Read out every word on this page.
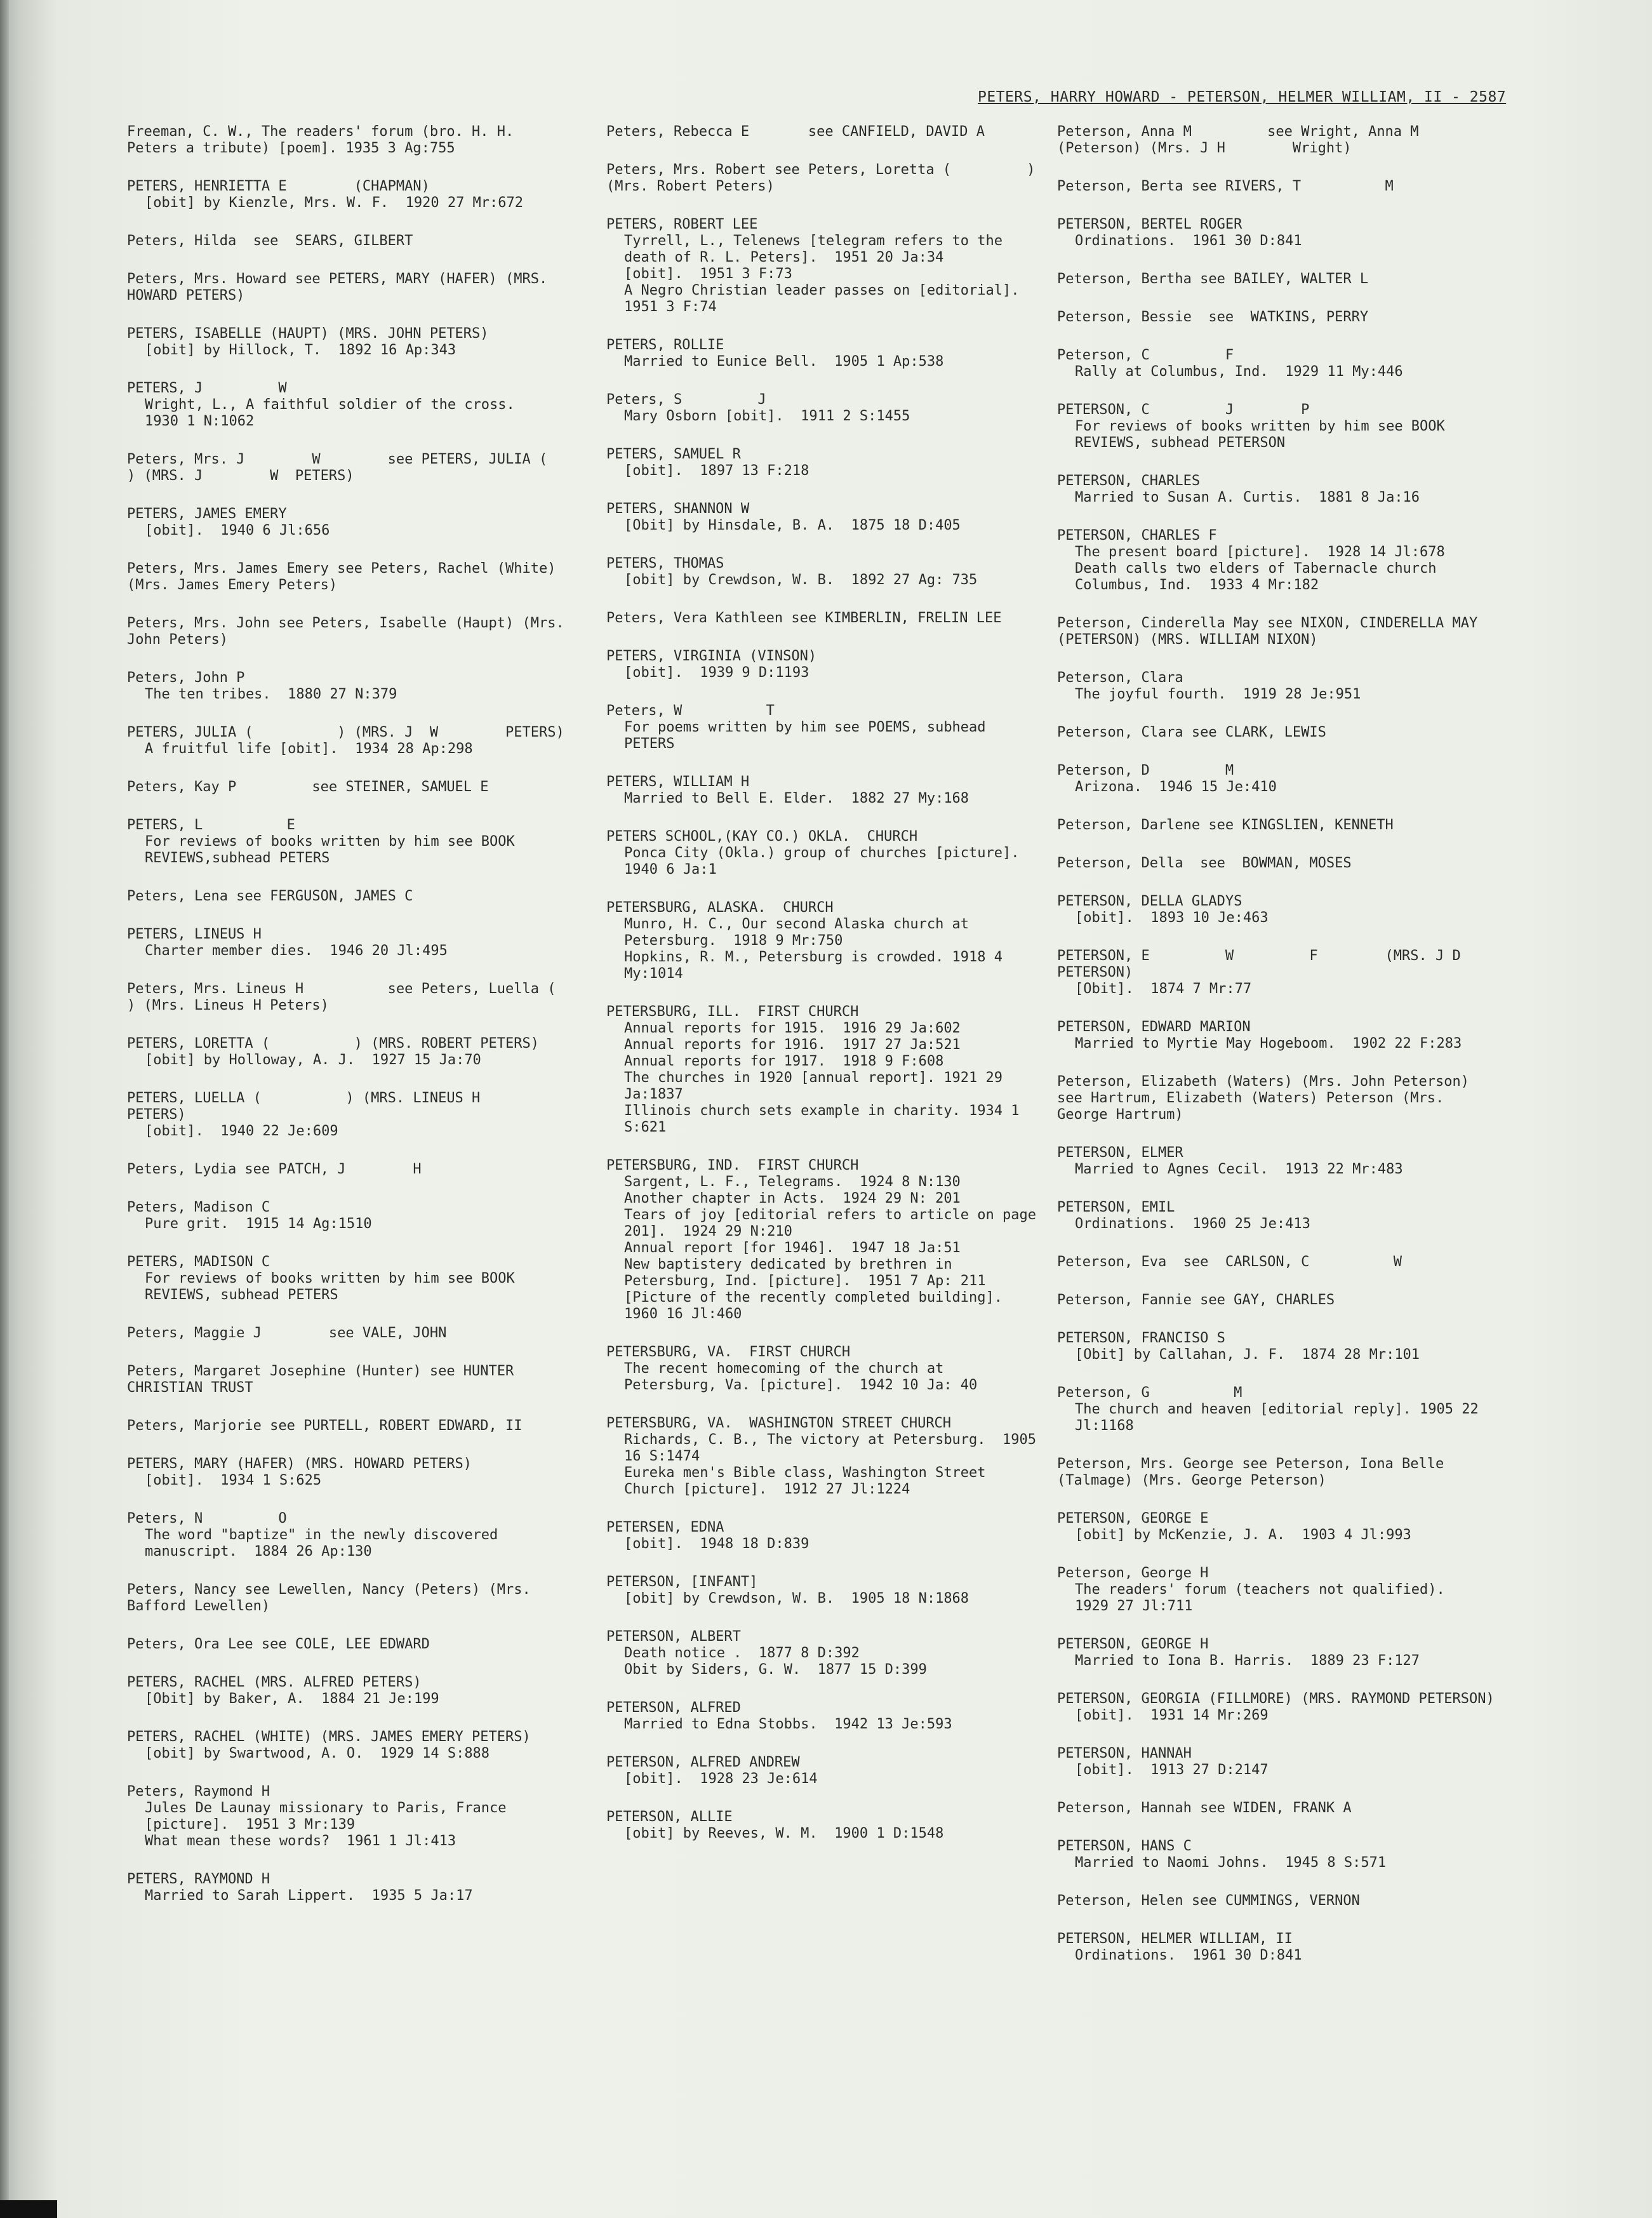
PETERS, HARRY HOWARD - PETERSON, HELMER WILLIAM, II - 2587
Freeman, C. W., The readers' forum (bro. H. H. Peters a tribute) [poem]. 1935 3 Ag:755
PETERS, HENRIETTA E        (CHAPMAN)
[obit] by Kienzle, Mrs. W. F.  1920 27 Mr:672
Peters, Hilda  see  SEARS, GILBERT
Peters, Mrs. Howard see PETERS, MARY (HAFER) (MRS. HOWARD PETERS)
PETERS, ISABELLE (HAUPT) (MRS. JOHN PETERS)
[obit] by Hillock, T.  1892 16 Ap:343
PETERS, J         W
Wright, L., A faithful soldier of the cross.  1930 1 N:1062
Peters, Mrs. J        W        see PETERS, JULIA (         ) (MRS. J        W  PETERS)
PETERS, JAMES EMERY
[obit].  1940 6 Jl:656
Peters, Mrs. James Emery see Peters, Rachel (White) (Mrs. James Emery Peters)
Peters, Mrs. John see Peters, Isabelle (Haupt) (Mrs. John Peters)
Peters, John P
The ten tribes.  1880 27 N:379
PETERS, JULIA (          ) (MRS. J  W        PETERS)
A fruitful life [obit].  1934 28 Ap:298
Peters, Kay P         see STEINER, SAMUEL E
PETERS, L          E
For reviews of books written by him see BOOK REVIEWS,subhead PETERS
Peters, Lena see FERGUSON, JAMES C
PETERS, LINEUS H
Charter member dies.  1946 20 Jl:495
Peters, Mrs. Lineus H          see Peters, Luella (         ) (Mrs. Lineus H Peters)
PETERS, LORETTA (          ) (MRS. ROBERT PETERS)
[obit] by Holloway, A. J.  1927 15 Ja:70
PETERS, LUELLA (          ) (MRS. LINEUS H        PETERS)
[obit].  1940 22 Je:609
Peters, Lydia see PATCH, J        H
Peters, Madison C
Pure grit.  1915 14 Ag:1510
PETERS, MADISON C
For reviews of books written by him see BOOK REVIEWS, subhead PETERS
Peters, Maggie J        see VALE, JOHN
Peters, Margaret Josephine (Hunter) see HUNTER CHRISTIAN TRUST
Peters, Marjorie see PURTELL, ROBERT EDWARD, II
PETERS, MARY (HAFER) (MRS. HOWARD PETERS)
[obit].  1934 1 S:625
Peters, N         O
The word "baptize" in the newly discovered manuscript.  1884 26 Ap:130
Peters, Nancy see Lewellen, Nancy (Peters) (Mrs. Bafford Lewellen)
Peters, Ora Lee see COLE, LEE EDWARD
PETERS, RACHEL (MRS. ALFRED PETERS)
[Obit] by Baker, A.  1884 21 Je:199
PETERS, RACHEL (WHITE) (MRS. JAMES EMERY PETERS)
[obit] by Swartwood, A. O.  1929 14 S:888
Peters, Raymond H
Jules De Launay missionary to Paris, France [picture].  1951 3 Mr:139
What mean these words?  1961 1 Jl:413
PETERS, RAYMOND H
Married to Sarah Lippert.  1935 5 Ja:17
Peters, Rebecca E       see CANFIELD, DAVID A
Peters, Mrs. Robert see Peters, Loretta (         ) (Mrs. Robert Peters)
PETERS, ROBERT LEE
Tyrrell, L., Telenews [telegram refers to the death of R. L. Peters].  1951 20 Ja:34
[obit].  1951 3 F:73
A Negro Christian leader passes on [editorial].  1951 3 F:74
PETERS, ROLLIE
Married to Eunice Bell.  1905 1 Ap:538
Peters, S         J
Mary Osborn [obit].  1911 2 S:1455
PETERS, SAMUEL R
[obit].  1897 13 F:218
PETERS, SHANNON W
[Obit] by Hinsdale, B. A.  1875 18 D:405
PETERS, THOMAS
[obit] by Crewdson, W. B.  1892 27 Ag: 735
Peters, Vera Kathleen see KIMBERLIN, FRELIN LEE
PETERS, VIRGINIA (VINSON)
[obit].  1939 9 D:1193
Peters, W          T
For poems written by him see POEMS, subhead PETERS
PETERS, WILLIAM H
Married to Bell E. Elder.  1882 27 My:168
PETERS SCHOOL,(KAY CO.) OKLA.  CHURCH
Ponca City (Okla.) group of churches [picture].  1940 6 Ja:1
PETERSBURG, ALASKA.  CHURCH
Munro, H. C., Our second Alaska church at Petersburg.  1918 9 Mr:750
Hopkins, R. M., Petersburg is crowded. 1918 4 My:1014
PETERSBURG, ILL.  FIRST CHURCH
Annual reports for 1915.  1916 29 Ja:602
Annual reports for 1916.  1917 27 Ja:521
Annual reports for 1917.  1918 9 F:608
The churches in 1920 [annual report]. 1921 29 Ja:1837
Illinois church sets example in charity. 1934 1 S:621
PETERSBURG, IND.  FIRST CHURCH
Sargent, L. F., Telegrams.  1924 8 N:130
Another chapter in Acts.  1924 29 N: 201
Tears of joy [editorial refers to article on page 201].  1924 29 N:210
Annual report [for 1946].  1947 18 Ja:51
New baptistery dedicated by brethren in Petersburg, Ind. [picture].  1951 7 Ap: 211
[Picture of the recently completed building].  1960 16 Jl:460
PETERSBURG, VA.  FIRST CHURCH
The recent homecoming of the church at Petersburg, Va. [picture].  1942 10 Ja: 40
PETERSBURG, VA.  WASHINGTON STREET CHURCH
Richards, C. B., The victory at Petersburg.  1905 16 S:1474
Eureka men's Bible class, Washington Street Church [picture].  1912 27 Jl:1224
PETERSEN, EDNA
[obit].  1948 18 D:839
PETERSON, [INFANT]
[obit] by Crewdson, W. B.  1905 18 N:1868
PETERSON, ALBERT
Death notice .  1877 8 D:392
Obit by Siders, G. W.  1877 15 D:399
PETERSON, ALFRED
Married to Edna Stobbs.  1942 13 Je:593
PETERSON, ALFRED ANDREW
[obit].  1928 23 Je:614
PETERSON, ALLIE
[obit] by Reeves, W. M.  1900 1 D:1548
Peterson, Anna M         see Wright, Anna M        (Peterson) (Mrs. J H        Wright)
Peterson, Berta see RIVERS, T          M
PETERSON, BERTEL ROGER
Ordinations.  1961 30 D:841
Peterson, Bertha see BAILEY, WALTER L
Peterson, Bessie  see  WATKINS, PERRY
Peterson, C         F
Rally at Columbus, Ind.  1929 11 My:446
PETERSON, C         J        P
For reviews of books written by him see BOOK REVIEWS, subhead PETERSON
PETERSON, CHARLES
Married to Susan A. Curtis.  1881 8 Ja:16
PETERSON, CHARLES F
The present board [picture].  1928 14 Jl:678
Death calls two elders of Tabernacle church Columbus, Ind.  1933 4 Mr:182
Peterson, Cinderella May see NIXON, CINDERELLA MAY (PETERSON) (MRS. WILLIAM NIXON)
Peterson, Clara
The joyful fourth.  1919 28 Je:951
Peterson, Clara see CLARK, LEWIS
Peterson, D         M
Arizona.  1946 15 Je:410
Peterson, Darlene see KINGSLIEN, KENNETH
Peterson, Della  see  BOWMAN, MOSES
PETERSON, DELLA GLADYS
[obit].  1893 10 Je:463
PETERSON, E         W         F        (MRS. J D         PETERSON)
[Obit].  1874 7 Mr:77
PETERSON, EDWARD MARION
Married to Myrtie May Hogeboom.  1902 22 F:283
Peterson, Elizabeth (Waters) (Mrs. John Peterson) see Hartrum, Elizabeth (Waters) Peterson (Mrs. George Hartrum)
PETERSON, ELMER
Married to Agnes Cecil.  1913 22 Mr:483
PETERSON, EMIL
Ordinations.  1960 25 Je:413
Peterson, Eva  see  CARLSON, C          W
Peterson, Fannie see GAY, CHARLES
PETERSON, FRANCISO S
[Obit] by Callahan, J. F.  1874 28 Mr:101
Peterson, G          M
The church and heaven [editorial reply]. 1905 22 Jl:1168
Peterson, Mrs. George see Peterson, Iona Belle (Talmage) (Mrs. George Peterson)
PETERSON, GEORGE E
[obit] by McKenzie, J. A.  1903 4 Jl:993
Peterson, George H
The readers' forum (teachers not qualified).  1929 27 Jl:711
PETERSON, GEORGE H
Married to Iona B. Harris.  1889 23 F:127
PETERSON, GEORGIA (FILLMORE) (MRS. RAYMOND PETERSON)
[obit].  1931 14 Mr:269
PETERSON, HANNAH
[obit].  1913 27 D:2147
Peterson, Hannah see WIDEN, FRANK A
PETERSON, HANS C
Married to Naomi Johns.  1945 8 S:571
Peterson, Helen see CUMMINGS, VERNON
PETERSON, HELMER WILLIAM, II
Ordinations.  1961 30 D:841
